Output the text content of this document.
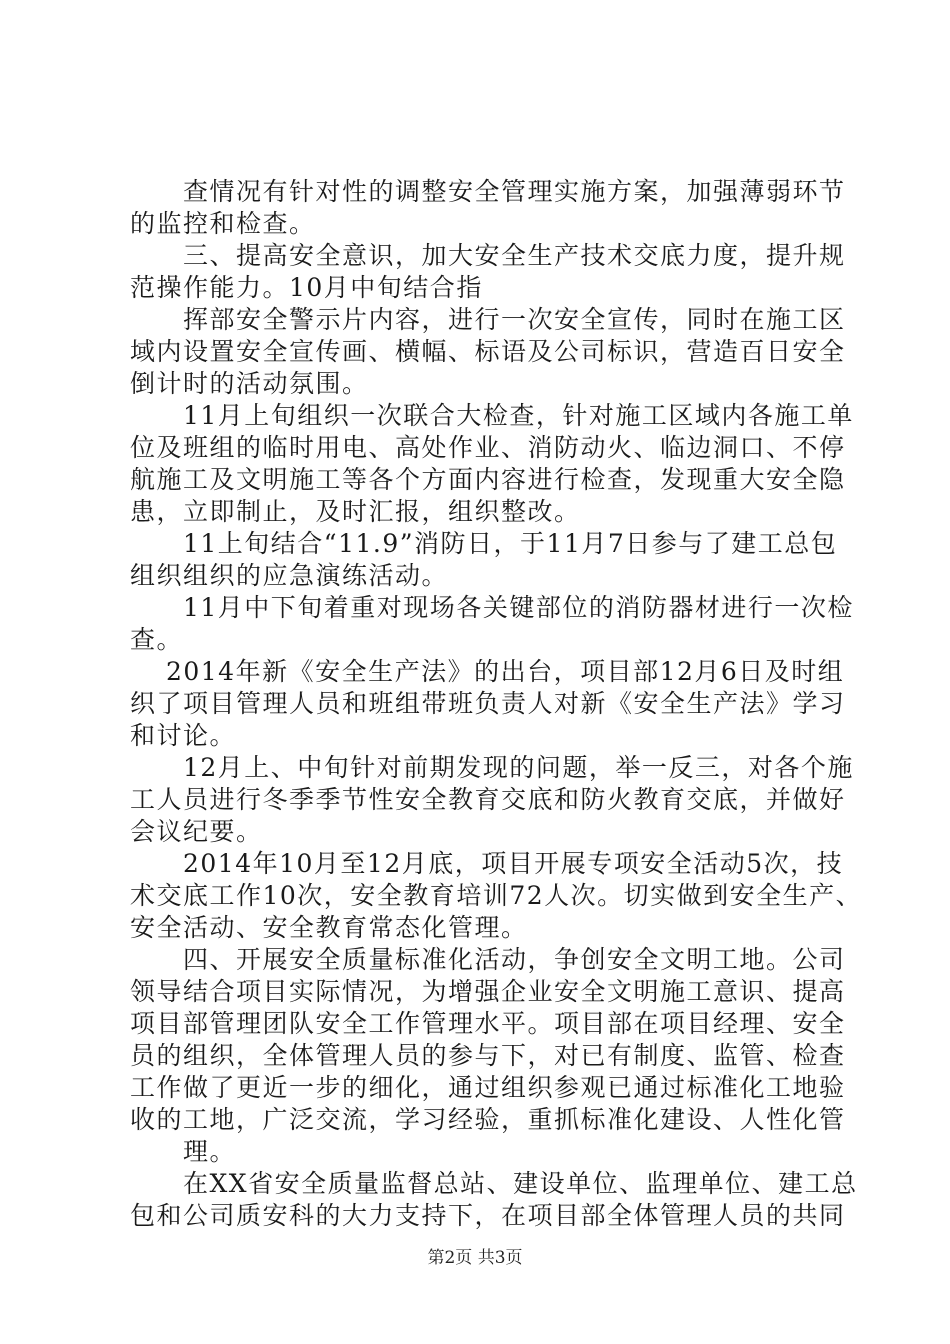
　　查情况有针对性的调整安全管理实施方案，加强薄弱环节
的监控和检查。
　　三、提高安全意识，加大安全生产技术交底力度，提升规
范操作能力。10月中旬结合指
　　挥部安全警示片内容，进行一次安全宣传，同时在施工区
域内设置安全宣传画、横幅、标语及公司标识，营造百日安全
倒计时的活动氛围。
　　11月上旬组织一次联合大检查，针对施工区域内各施工单
位及班组的临时用电、高处作业、消防动火、临边洞口、不停
航施工及文明施工等各个方面内容进行检查，发现重大安全隐
患，立即制止，及时汇报，组织整改。
　　11上旬结合“11.9”消防日，于11月7日参与了建工总包
组织组织的应急演练活动。
　　11月中下旬着重对现场各关键部位的消防器材进行一次检
查。
　 2014年新《安全生产法》的出台，项目部12月6日及时组
织了项目管理人员和班组带班负责人对新《安全生产法》学习
和讨论。
　　12月上、中旬针对前期发现的问题，举一反三，对各个施
工人员进行冬季季节性安全教育交底和防火教育交底，并做好
会议纪要。
　　2014年10月至12月底，项目开展专项安全活动5次，技
术交底工作10次，安全教育培训72人次。切实做到安全生产、
安全活动、安全教育常态化管理。
　　四、开展安全质量标准化活动，争创安全文明工地。公司
领导结合项目实际情况，为增强企业安全文明施工意识、提高
项目部管理团队安全工作管理水平。项目部在项目经理、安全
员的组织，全体管理人员的参与下，对已有制度、监管、检查
工作做了更近一步的细化，通过组织参观已通过标准化工地验
收的工地，广泛交流，学习经验，重抓标准化建设、人性化管
　　理。
　　在XX省安全质量监督总站、建设单位、监理单位、建工总
包和公司质安科的大力支持下，在项目部全体管理人员的共同
第2页 共3页
